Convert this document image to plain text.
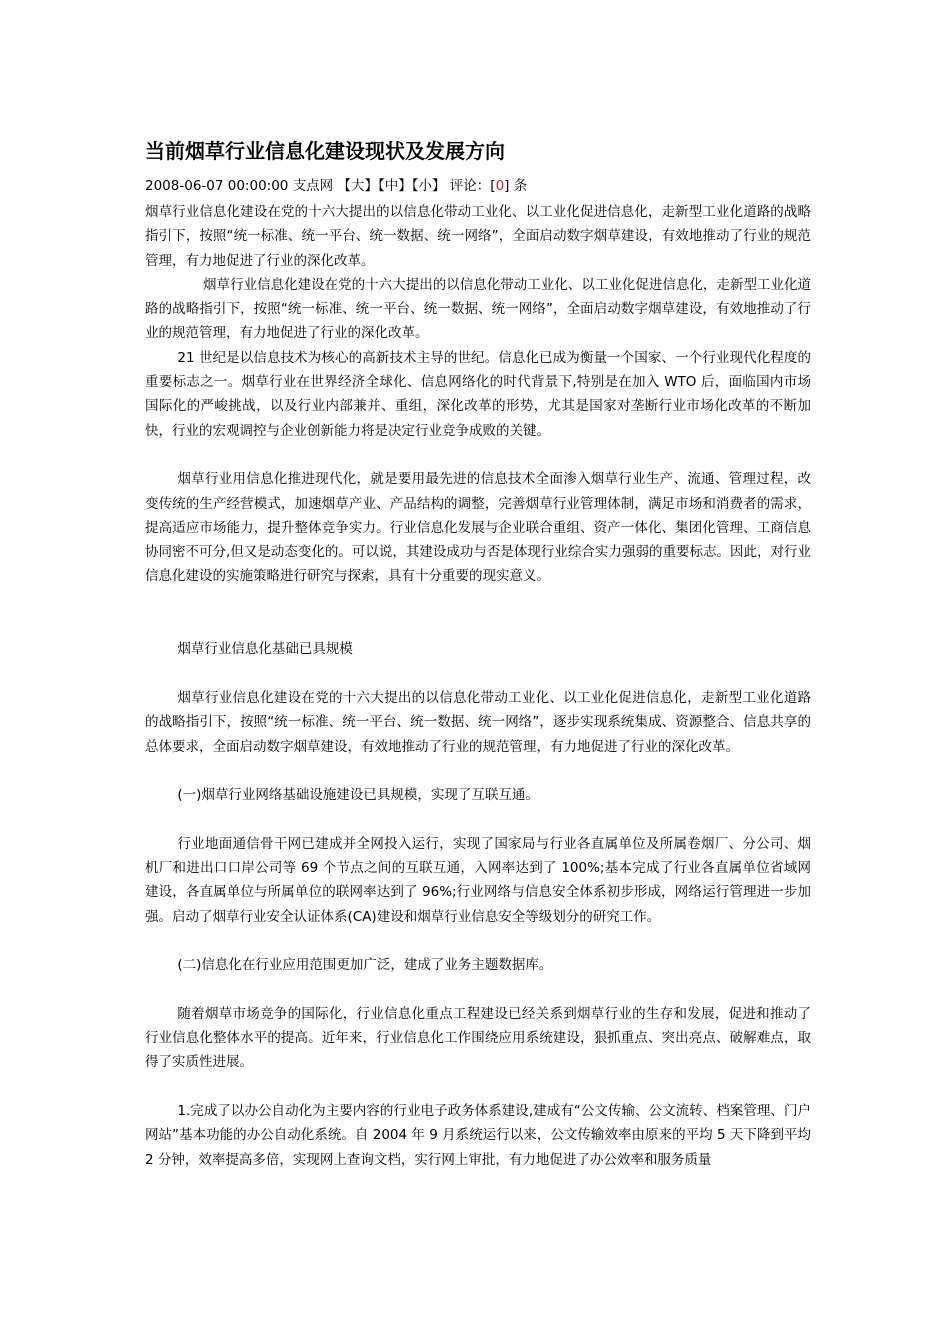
当前烟草行业信息化建设现状及发展方向
2008-06-07 00:00:00 支点网 【大】【中】【小】 评论：[0] 条

烟草行业信息化建设在党的十六大提出的以信息化带动工业化、以工业化促进信息化，走新型工业化道路的战略指引下，按照“统一标准、统一平台、统一数据、统一网络”，全面启动数字烟草建设，有效地推动了行业的规范管理，有力地促进了行业的深化改革。

烟草行业信息化建设在党的十六大提出的以信息化带动工业化、以工业化促进信息化，走新型工业化道路的战略指引下，按照“统一标准、统一平台、统一数据、统一网络”，全面启动数字烟草建设，有效地推动了行业的规范管理，有力地促进了行业的深化改革。

21 世纪是以信息技术为核心的高新技术主导的世纪。信息化已成为衡量一个国家、一个行业现代化程度的重要标志之一。烟草行业在世界经济全球化、信息网络化的时代背景下,特别是在加入 WTO 后，面临国内市场国际化的严峻挑战，以及行业内部兼并、重组，深化改革的形势，尤其是国家对垄断行业市场化改革的不断加快，行业的宏观调控与企业创新能力将是决定行业竞争成败的关键。

烟草行业用信息化推进现代化，就是要用最先进的信息技术全面渗入烟草行业生产、流通、管理过程，改变传统的生产经营模式，加速烟草产业、产品结构的调整，完善烟草行业管理体制，满足市场和消费者的需求，提高适应市场能力，提升整体竞争实力。行业信息化发展与企业联合重组、资产一体化、集团化管理、工商信息协同密不可分,但又是动态变化的。可以说，其建设成功与否是体现行业综合实力强弱的重要标志。因此，对行业信息化建设的实施策略进行研究与探索，具有十分重要的现实意义。

烟草行业信息化基础已具规模

烟草行业信息化建设在党的十六大提出的以信息化带动工业化、以工业化促进信息化，走新型工业化道路的战略指引下，按照“统一标准、统一平台、统一数据、统一网络”，逐步实现系统集成、资源整合、信息共享的总体要求，全面启动数字烟草建设，有效地推动了行业的规范管理，有力地促进了行业的深化改革。

(一)烟草行业网络基础设施建设已具规模，实现了互联互通。

行业地面通信骨干网已建成并全网投入运行，实现了国家局与行业各直属单位及所属卷烟厂、分公司、烟机厂和进出口口岸公司等 69 个节点之间的互联互通，入网率达到了 100%;基本完成了行业各直属单位省域网建设，各直属单位与所属单位的联网率达到了 96%;行业网络与信息安全体系初步形成，网络运行管理进一步加强。启动了烟草行业安全认证体系(CA)建设和烟草行业信息安全等级划分的研究工作。

(二)信息化在行业应用范围更加广泛，建成了业务主题数据库。

随着烟草市场竞争的国际化，行业信息化重点工程建设已经关系到烟草行业的生存和发展，促进和推动了行业信息化整体水平的提高。近年来，行业信息化工作围绕应用系统建设，狠抓重点、突出亮点、破解难点，取得了实质性进展。

1.完成了以办公自动化为主要内容的行业电子政务体系建设,建成有“公文传输、公文流转、档案管理、门户网站”基本功能的办公自动化系统。自 2004 年 9 月系统运行以来，公文传输效率由原来的平均 5 天下降到平均 2 分钟，效率提高多倍，实现网上查询文档，实行网上审批，有力地促进了办公效率和服务质量
